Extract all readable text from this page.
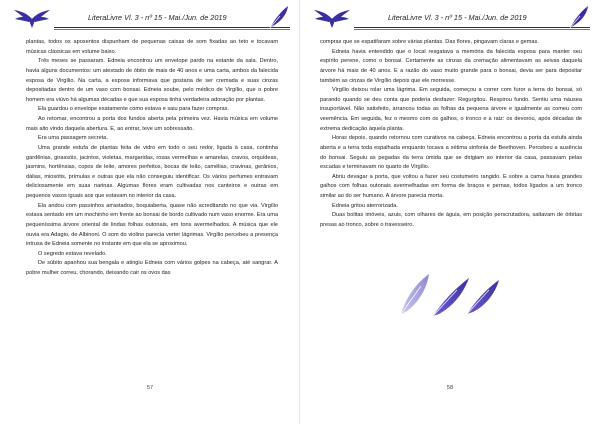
LiteraLivre Vl. 3 - nº 15 - Mai./Jun. de 2019

plantas, todos os aposentos dispunham de pequenas caixas de som fixadas ao teto e tocavam músicas clássicas em volume baixo.

Três meses se passaram. Edneia encontrou um envelope pardo na estante da sala. Dentro, havia alguns documentos: um atestado de óbito de mais de 40 anos e uma carta, ambos da falecida esposa de Virgílio. Na carta, a esposa informava que gostaria de ser cremada e suas cinzas depositadas dentro de um vaso com bonsai. Edneia soube, pelo médico de Virgílio, que o pobre homem era viúvo há algumas décadas e que sua esposa tinha verdadeira adoração por plantas.

Ela guardou o envelope exatamente como estava e saiu para fazer compras.

Ao retornar, encontrou a porta dos fundos aberta pela primeira vez. Havia música em volume mais alto vindo daquela abertura. E, ao entrar, teve um sobressalto.

Era uma passagem secreta.

Uma grande estufa de plantas feita de vidro em todo o seu redor, ligada à casa, continha gardênias, girassóis, jacintos, violetas, margaridas, rosas vermelhas e amarelas, cravos, orquídeas, jasmins, hortênsias, copos de leite, amores perfeitos, bocas de leão, camélias, cravinas, gerânios, dálias, miosótis, prímulas e outras que ela não conseguiu identificar. Os vários perfumes entravam deliciosamente em suas narinas. Algumas flores eram cultivadas nos canteiros e outras em pequenos vasos iguais aos que estavam no interior da casa.

Ela andou com passinhos arrastados, boquiaberta, quase não acreditando no que via. Virgílio estava sentado em um mochinho em frente ao bonsai de bordo cultivado num vaso enorme. Era uma pequeníssima árvore oriental de lindas folhas outonais, em tons avermelhados. A música que ele ouvia era Adagio, de Albinoni. O som do violino parecia verter lágrimas. Virgílio percebeu a presença intrusa de Edneia somente no instante em que ela se aproximou.

O segredo estava revelado.

De súbito apanhou sua bengala e atingiu Edneia com vários golpes na cabeça, até sangrar. A pobre mulher correu, chorando, deixando cair os ovos das

57
LiteraLivre Vl. 3 - nº 15 - Mai./Jun. de 2019

compras que se espatifaram sobre várias plantas. Das flores, pingavam claras e gemas.

Edneia havia entendido que o local resgatava a memória da falecida esposa para manter seu espírito perene, como o bonsai. Certamente as cinzas da cremação alimentavam as seivas daquela árvore há mais de 40 anos. E a razão do vaso muito grande para o bonsai, devia ser para depositar também as cinzas de Virgílio depois que ele morresse.

Virgílio deixou rolar uma lágrima. Em seguida, começou a correr com furor a terra do bonsai, só parando quando se deu conta que poderia desfazer: Regurgitou. Respirou fundo. Sentiu uma náusea insuportável. Não satisfeito, arrancou todas as folhas da pequena árvore e igualmente as comeu com veemência. Em seguida, fez o mesmo com os galhos, o tronco e a raiz: os devorou, após décadas de extrema dedicação àquela planta.

Horas depois, quando retornou com curativos na cabeça, Edneia encontrou a porta da estufa ainda aberta e a terra toda espalhada enquanto tocava a sétima sinfonia de Beethoven. Percebeu a ausência do bonsai. Seguiu as pegadas da terra úmida que se dirigiam ao interior da casa, passavam pelas escadas e terminavam no quarto de Virgílio.

Abriu devagar a porta, que voltou a fazer seu costumeiro rangido. E sobre a cama havia grandes galhos com folhas outonais avermelhadas em forma de braços e pernas, todos ligados a um tronco similar ao do ser humano. A árvore parecia morta.

Edneia gritou aterrorizada.

Duas bolitas imóveis, azuis, com olhares de águia, em posição perscrutadora, saltavam de órbitas presas ao tronco, sobre o travesseiro.

58
